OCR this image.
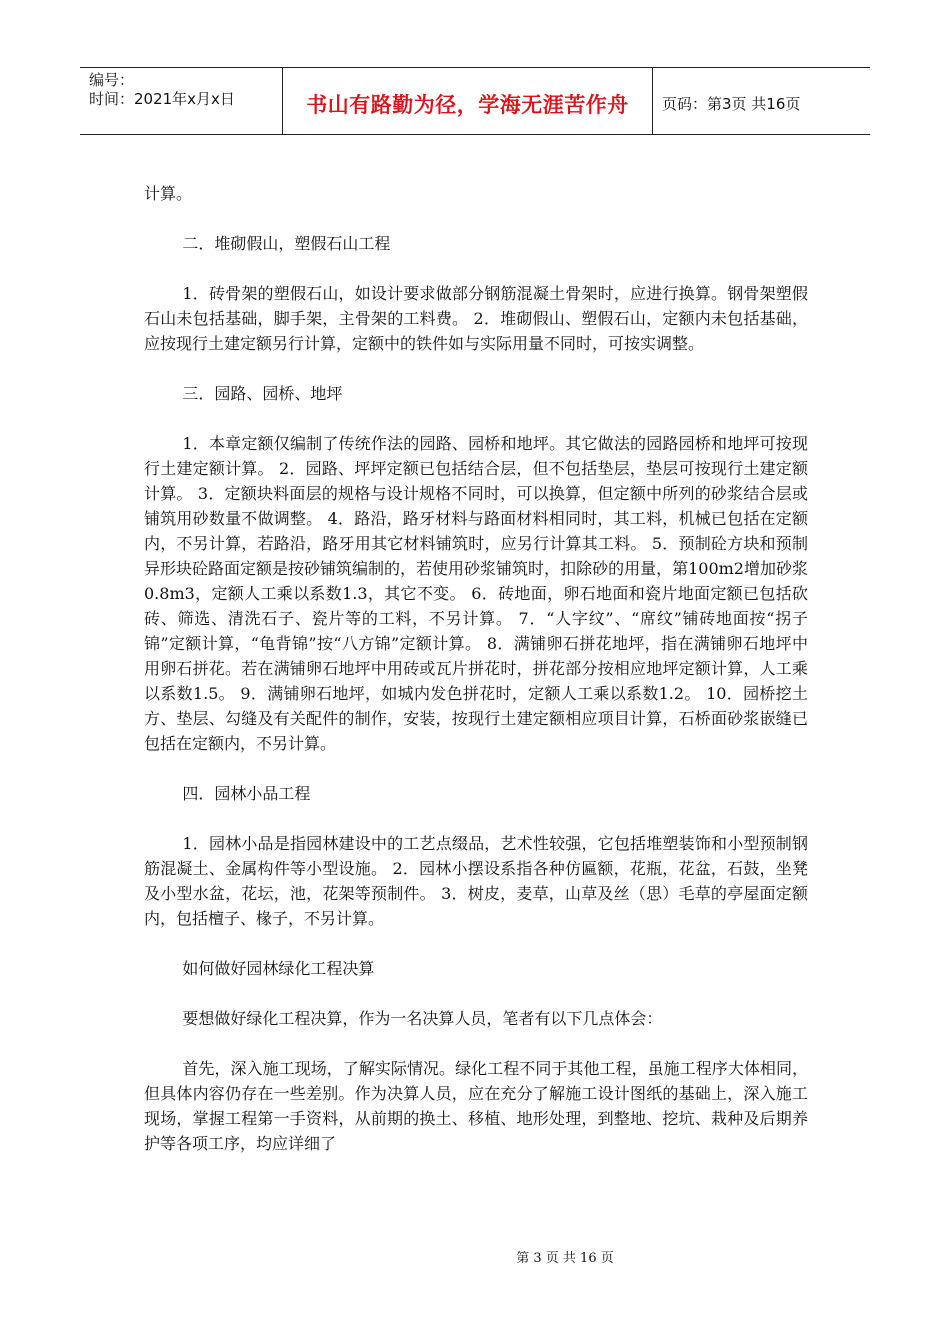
编号：
时间：2021年x月x日	书山有路勤为径，学海无涯苦作舟	页码：第3页 共16页

计算。

二．堆砌假山，塑假石山工程

1．砖骨架的塑假石山，如设计要求做部分钢筋混凝土骨架时，应进行换算。钢骨架塑假石山未包括基础，脚手架，主骨架的工料费。 2．堆砌假山、塑假石山，定额内未包括基础，应按现行土建定额另行计算，定额中的铁件如与实际用量不同时，可按实调整。

三．园路、园桥、地坪

1．本章定额仅编制了传统作法的园路、园桥和地坪。其它做法的园路园桥和地坪可按现行土建定额计算。 2．园路、坪坪定额已包括结合层，但不包括垫层，垫层可按现行土建定额计算。 3．定额块料面层的规格与设计规格不同时，可以换算，但定额中所列的砂浆结合层或铺筑用砂数量不做调整。 4．路沿，路牙材料与路面材料相同时，其工料，机械已包括在定额内，不另计算，若路沿，路牙用其它材料铺筑时，应另行计算其工料。 5．预制砼方块和预制异形块砼路面定额是按砂铺筑编制的，若使用砂浆铺筑时，扣除砂的用量，第100m2增加砂浆0.8m3，定额人工乘以系数1.3，其它不变。 6．砖地面，卵石地面和瓷片地面定额已包括砍砖、筛选、清洗石子、瓷片等的工料，不另计算。 7．“人字纹”、“席纹”铺砖地面按“拐子锦”定额计算，“龟背锦”按“八方锦”定额计算。 8．满铺卵石拼花地坪，指在满铺卵石地坪中用卵石拼花。若在满铺卵石地坪中用砖或瓦片拼花时，拼花部分按相应地坪定额计算，人工乘以系数1.5。 9．满铺卵石地坪，如城内发色拼花时，定额人工乘以系数1.2。 10．园桥挖土方、垫层、勾缝及有关配件的制作，安装，按现行土建定额相应项目计算，石桥面砂浆嵌缝已包括在定额内，不另计算。

四．园林小品工程

1．园林小品是指园林建设中的工艺点缀品，艺术性较强，它包括堆塑装饰和小型预制钢筋混凝土、金属构件等小型设施。 2．园林小摆设系指各种仿匾额，花瓶，花盆，石鼓，坐凳及小型水盆，花坛，池，花架等预制件。 3．树皮，麦草，山草及丝（思）毛草的亭屋面定额内，包括檀子、椽子，不另计算。

如何做好园林绿化工程决算

要想做好绿化工程决算，作为一名决算人员，笔者有以下几点体会：

首先，深入施工现场，了解实际情况。绿化工程不同于其他工程，虽施工程序大体相同，但具体内容仍存在一些差别。作为决算人员，应在充分了解施工设计图纸的基础上，深入施工现场，掌握工程第一手资料，从前期的换土、移植、地形处理，到整地、挖坑、栽种及后期养护等各项工序，均应详细了

第 3 页 共 16 页
